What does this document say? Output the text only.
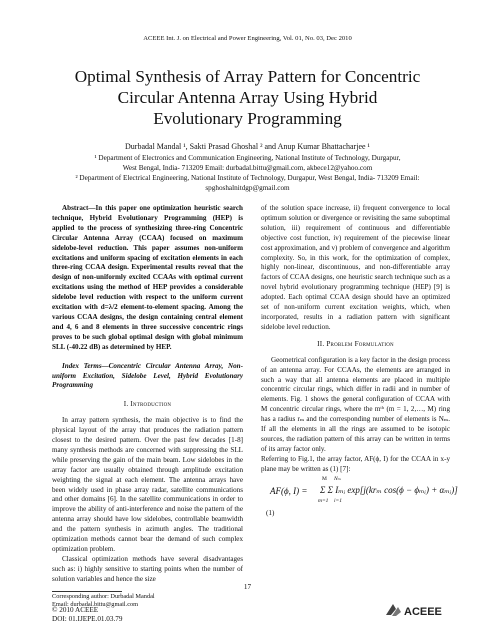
ACEEE Int. J. on Electrical and Power Engineering, Vol. 01, No. 03, Dec 2010
Optimal Synthesis of Array Pattern for Concentric
Circular Antenna Array Using Hybrid
Evolutionary Programming
Durbadal Mandal ¹, Sakti Prasad Ghoshal ² and Anup Kumar Bhattacharjee ¹
¹ Department of Electronics and Communication Engineering, National Institute of Technology, Durgapur,
West Bengal, India- 713209 Email: durbadal.bittu@gmail.com, akbece12@yahoo.com
² Department of Electrical Engineering, National Institute of Technology, Durgapur, West Bengal, India- 713209 Email:
spghoshalnitdgp@gmail.com

Abstract—In this paper one optimization heuristic search technique, Hybrid Evolutionary Programming (HEP) is applied to the process of synthesizing three-ring Concentric Circular Antenna Array (CCAA) focused on maximum sidelobe-level reduction. This paper assumes non-uniform excitations and uniform spacing of excitation elements in each three-ring CCAA design. Experimental results reveal that the design of non-uniformly excited CCAAs with optimal current excitations using the method of HEP provides a considerable sidelobe level reduction with respect to the uniform current excitation with d=λ/2 element-to-element spacing. Among the various CCAA designs, the design containing central element and 4, 6 and 8 elements in three successive concentric rings proves to be such global optimal design with global minimum SLL (-40.22 dB) as determined by HEP.

Index Terms—Concentric Circular Antenna Array, Non-uniform Excitation, Sidelobe Level, Hybrid Evolutionary Programming

I. Introduction

In array pattern synthesis, the main objective is to find the physical layout of the array that produces the radiation pattern closest to the desired pattern. Over the past few decades [1-8] many synthesis methods are concerned with suppressing the SLL while preserving the gain of the main beam. Low sidelobes in the array factor are usually obtained through amplitude excitation weighting the signal at each element. The antenna arrays have been widely used in phase array radar, satellite communications and other domains [6]. In the satellite communications in order to improve the ability of anti-interference and noise the pattern of the antenna array should have low sidelobes, controllable beamwidth and the pattern synthesis in azimuth angles. The traditional optimization methods cannot bear the demand of such complex optimization problem.

Classical optimization methods have several disadvantages such as: i) highly sensitive to starting points when the number of solution variables and hence the size

of the solution space increase, ii) frequent convergence to local optimum solution or divergence or revisiting the same suboptimal solution, iii) requirement of continuous and differentiable objective cost function, iv) requirement of the piecewise linear cost approximation, and v) problem of convergence and algorithm complexity. So, in this work, for the optimization of complex, highly non-linear, discontinuous, and non-differentiable array factors of CCAA designs, one heuristic search technique such as a novel hybrid evolutionary programming technique (HEP) [9] is adopted. Each optimal CCAA design should have an optimized set of non-uniform current excitation weights, which, when incorporated, results in a radiation pattern with significant sidelobe level reduction.

II. Problem Formulation

Geometrical configuration is a key factor in the design process of an antenna array. For CCAAs, the elements are arranged in such a way that all antenna elements are placed in multiple concentric circular rings, which differ in radii and in number of elements. Fig. 1 shows the general configuration of CCAA with M concentric circular rings, where the mᵗʰ (m = 1, 2,…, M) ring has a radius rₘ and the corresponding number of elements is Nₘ. If all the elements in all the rings are assumed to be isotopic sources, the radiation pattern of this array can be written in terms of its array factor only.

Referring to Fig.1, the array factor, AF(ϕ, I) for the CCAA in x-y plane may be written as (1) [7]:

AF(ϕ, I) =
M Nₘ
Σ Σ Iₘᵢ exp[j(krₘ cos(ϕ − ϕₘᵢ) + αₘᵢ)]
m=1 i=1
(1)
Corresponding author: Durbadal Mandal
Email: durbadal.bittu@gmail.com
17
© 2010 ACEEE
DOI: 01.IJEPE.01.03.79
ACEEE
